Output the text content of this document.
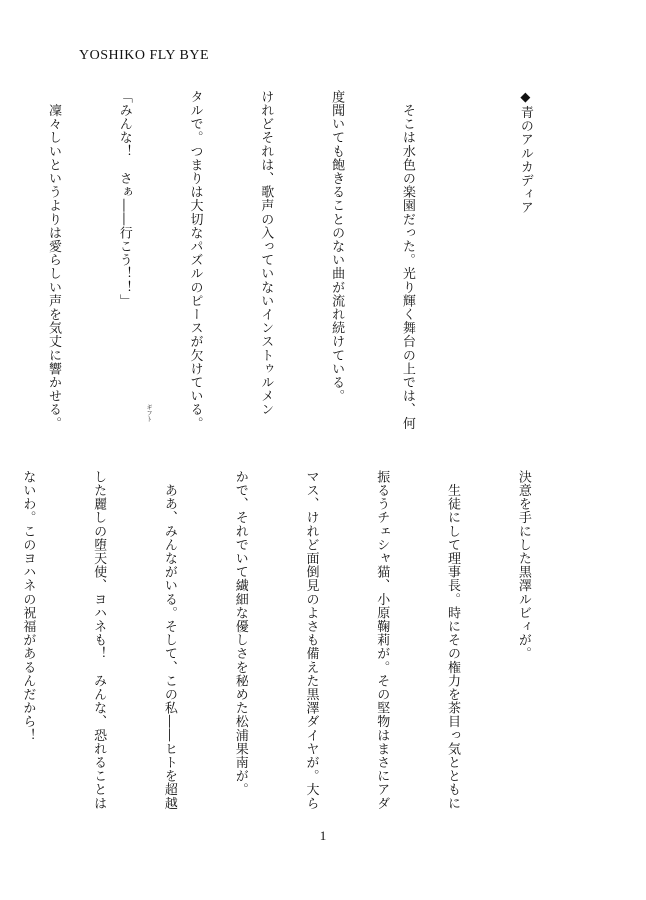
YOSHIKO FLY BYE

◆青のアルカディア

　そこは水色の楽園だった。光り輝く舞台の上では、何

度聞いても飽きることのない曲が流れ続けている。

けれどそれは、歌声の入っていないインストゥルメン

タルで。つまりは大切なパズルのピースが欠けている。

「みんな！　さぁ――行こう！！」

　凜々しいというよりは愛らしい声を気丈に響かせる。

	ギフト

決意を手にした黒澤ルビィが。

　生徒にして理事長。時にその権力を茶目っ気とともに

振るうチェシャ猫、小原鞠莉が。その堅物はまさにアダ

マス、けれど面倒見のよさも備えた黒澤ダイヤが。大ら

かで、それでいて繊細な優しさを秘めた松浦果南が。

　ああ、みんながいる。そして、この私――ヒトを超越

した麗しの堕天使、ヨハネも！　みんな、恐れることは

ないわ。このヨハネの祝福があるんだから！

1
